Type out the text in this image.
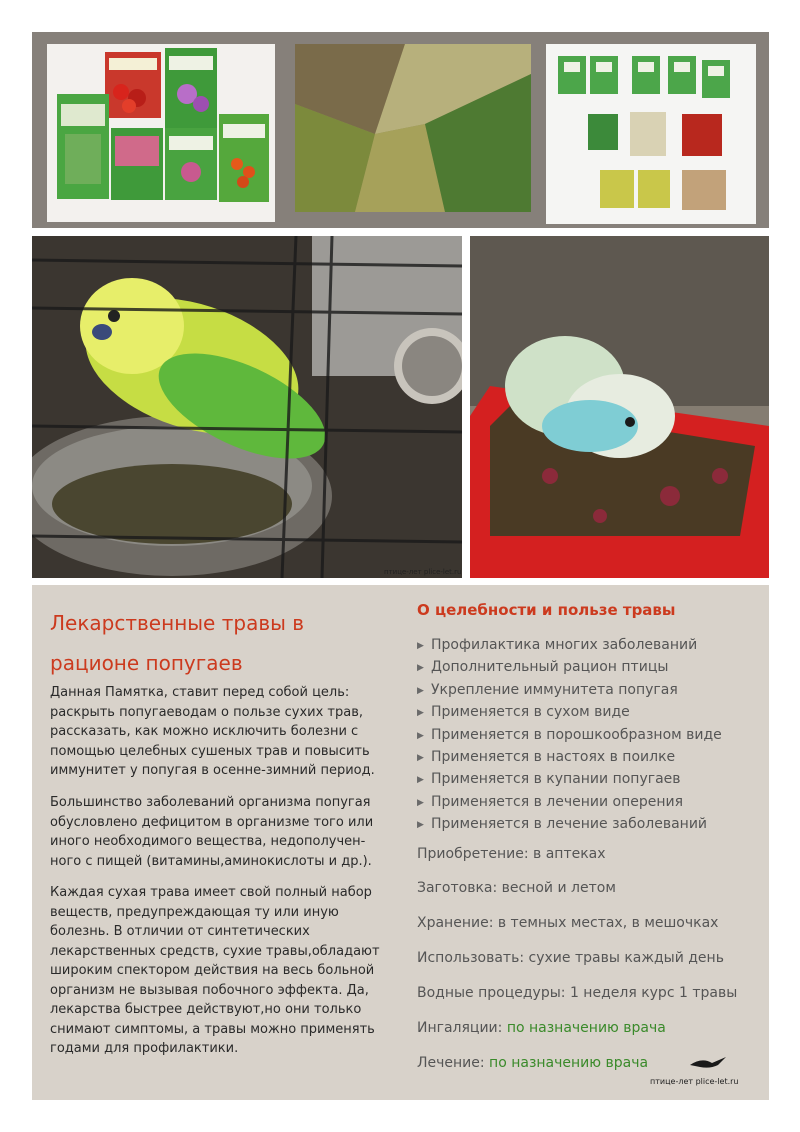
птице-лет plice-let.ru
Лекарственные травы в рационе попугаев

Данная Памятка, ставит перед собой цель: раскрыть попугаеводам о пользе сухих трав, рассказать, как можно исключить болезни с помощью целебных сушеных трав и повысить иммунитет у попугая в осенне-зимний период.

Большинство заболеваний организма попугая обусловлено дефицитом в организме того или иного необходимого вещества, недополучен-ного с пищей (витамины,аминокислоты и др.).

Каждая сухая трава имеет свой полный набор веществ, предупреждающая ту или иную болезнь. В отличии от синтетических лекарственных средств, сухие травы,обладают широким спектором действия на весь больной организм не вызывая побочного эффекта. Да, лекарства быстрее действуют,но они только снимают симптомы, а травы можно применять годами для профилактики.

О целебности и пользе травы
▶ Профилактика многих заболеваний
▶ Дополнительный рацион птицы
▶ Укрепление иммунитета попугая
▶ Применяется в сухом виде
▶ Применяется в порошкообразном виде
▶ Применяется в настоях в поилке
▶ Применяется в купании попугаев
▶ Применяется в лечении оперения
▶ Применяется в лечение заболеваний

Приобретение: в аптеках

Заготовка: весной и летом

Хранение: в темных местах, в мешочках

Использовать: сухие травы каждый день

Водные процедуры: 1 неделя курс 1 травы

Ингаляции: по назначению врача

Лечение: по назначению врача

птице-лет plice-let.ru
